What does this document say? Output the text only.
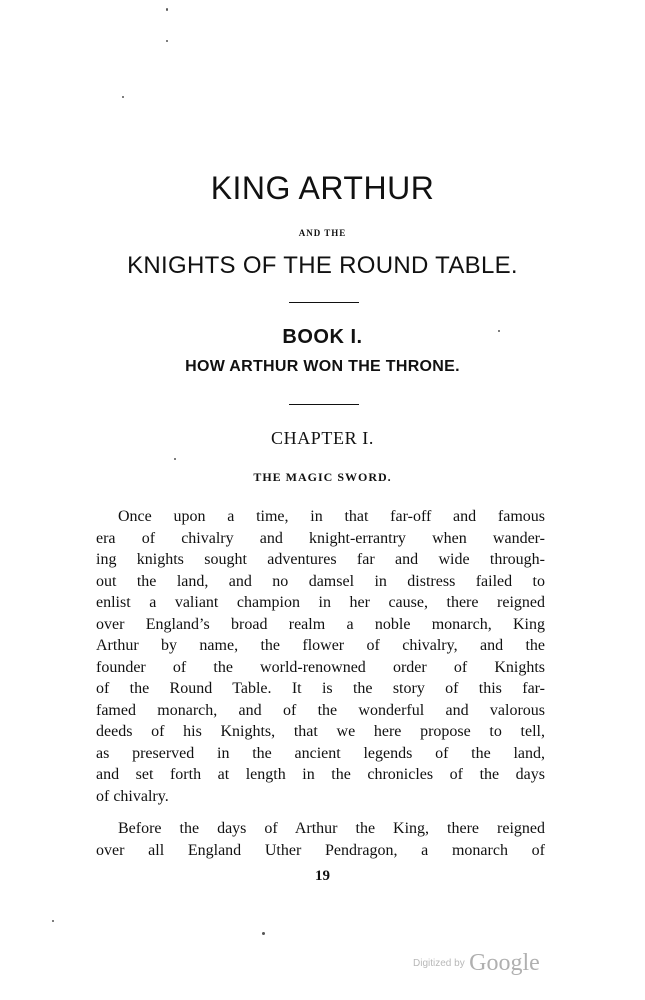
KING ARTHUR
AND THE
KNIGHTS OF THE ROUND TABLE.
BOOK I.
HOW ARTHUR WON THE THRONE.
CHAPTER I.
THE MAGIC SWORD.
Once upon a time, in that far-off and famous
era of chivalry and knight-errantry when wander-
ing knights sought adventures far and wide through-
out the land, and no damsel in distress failed to
enlist a valiant champion in her cause, there reigned
over England’s broad realm a noble monarch, King
Arthur by name, the flower of chivalry, and the
founder of the world-renowned order of Knights
of the Round Table. It is the story of this far-
famed monarch, and of the wonderful and valorous
deeds of his Knights, that we here propose to tell,
as preserved in the ancient legends of the land,
and set forth at length in the chronicles of the days
of chivalry.
Before the days of Arthur the King, there reigned
over all England Uther Pendragon, a monarch of
19
Digitized by Google
